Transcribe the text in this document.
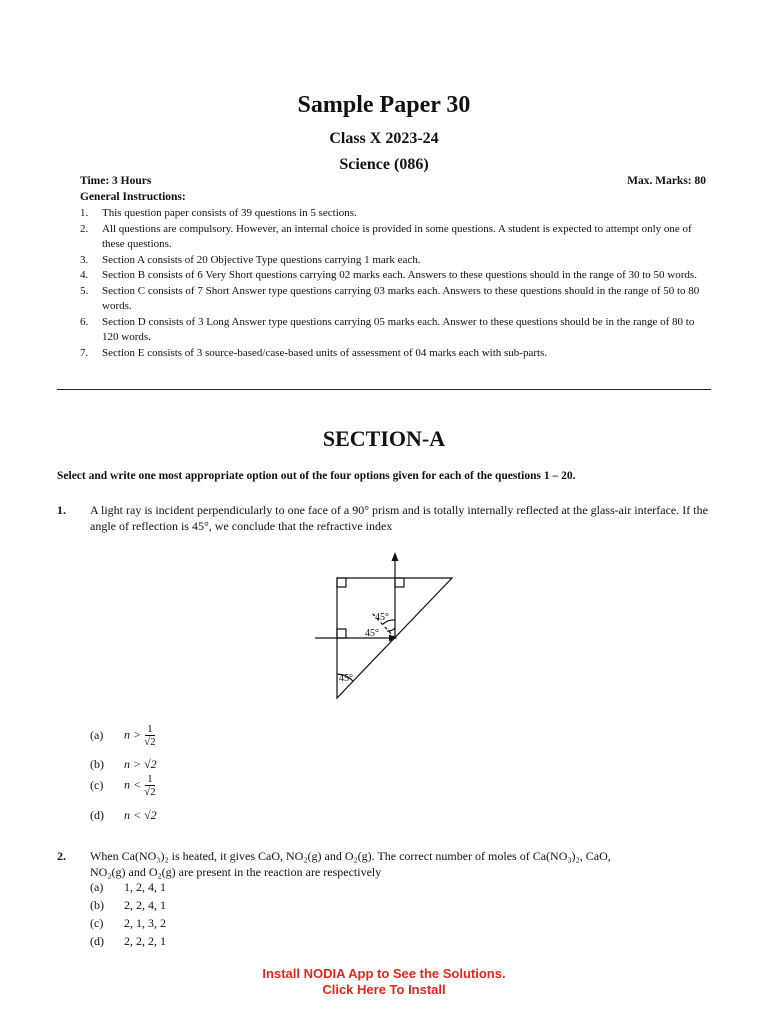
Sample Paper 30
Class X 2023-24
Science (086)
Time: 3 Hours	Max. Marks: 80
General Instructions:
1. This question paper consists of 39 questions in 5 sections.
2. All questions are compulsory. However, an internal choice is provided in some questions. A student is expected to attempt only one of these questions.
3. Section A consists of 20 Objective Type questions carrying 1 mark each.
4. Section B consists of 6 Very Short questions carrying 02 marks each. Answers to these questions should in the range of 30 to 50 words.
5. Section C consists of 7 Short Answer type questions carrying 03 marks each. Answers to these questions should in the range of 50 to 80 words.
6. Section D consists of 3 Long Answer type questions carrying 05 marks each. Answer to these questions should be in the range of 80 to 120 words.
7. Section E consists of 3 source-based/case-based units of assessment of 04 marks each with sub-parts.
SECTION-A
Select and write one most appropriate option out of the four options given for each of the questions 1 – 20.
1. A light ray is incident perpendicularly to one face of a 90° prism and is totally internally reflected at the glass-air interface. If the angle of reflection is 45°, we conclude that the refractive index
45°
45°
45°
(a)	$n > \frac{1}{√2}$
(b)	n > √2
(c)	$n < \frac{1}{√2}$
(d)	n < √2
2. When Ca(NO₃)₂ is heated, it gives CaO, NO₂(g) and O₂(g). The correct number of moles of Ca(NO₃)₂, CaO,
NO₂(g) and O₂(g) are present in the reaction are respectively
(a)	1, 2, 4, 1
(b)	2, 2, 4, 1
(c)	2, 1, 3, 2
(d)	2, 2, 2, 1
Install NODIA App to See the Solutions.
Click Here To Install
